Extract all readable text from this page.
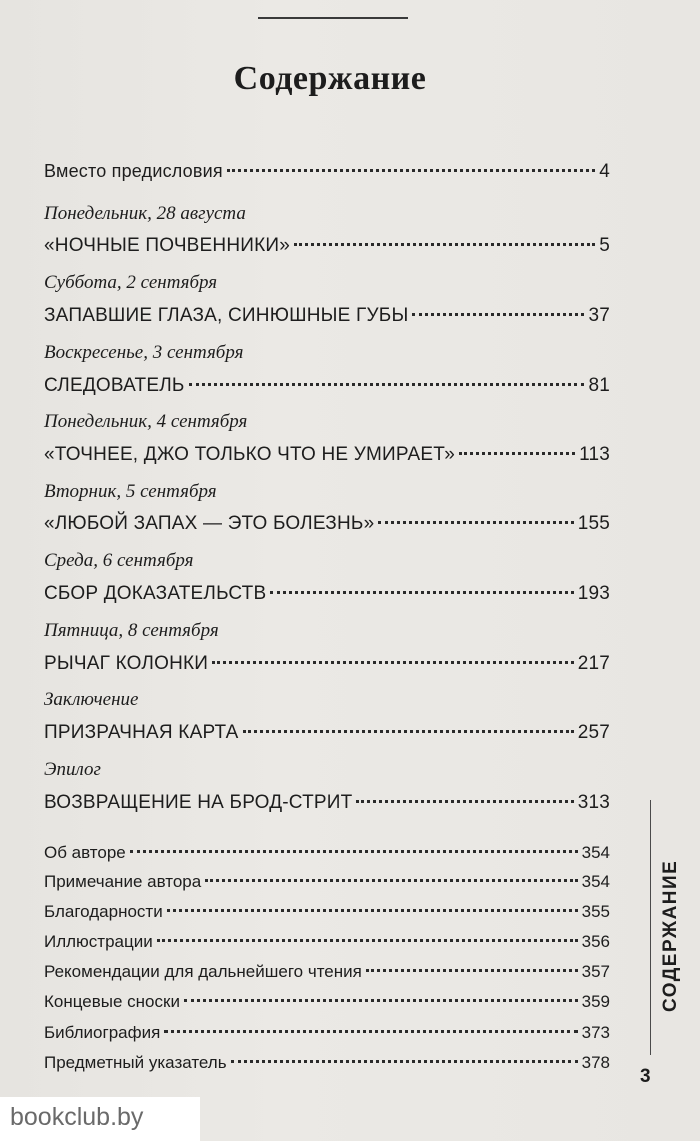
Содержание
Вместо предисловия	4
Понедельник, 28 августа
«НОЧНЫЕ ПОЧВЕННИКИ»	5
Суббота, 2 сентября
ЗАПАВШИЕ ГЛАЗА, СИНЮШНЫЕ ГУБЫ	37
Воскресенье, 3 сентября
СЛЕДОВАТЕЛЬ	81
Понедельник, 4 сентября
«ТОЧНЕЕ, ДЖО ТОЛЬКО ЧТО НЕ УМИРАЕТ»	113
Вторник, 5 сентября
«ЛЮБОЙ ЗАПАХ — ЭТО БОЛЕЗНЬ»	155
Среда, 6 сентября
СБОР ДОКАЗАТЕЛЬСТВ	193
Пятница, 8 сентября
РЫЧАГ КОЛОНКИ	217
Заключение
ПРИЗРАЧНАЯ КАРТА	257
Эпилог
ВОЗВРАЩЕНИЕ НА БРОД-СТРИТ	313
Об авторе	354
Примечание автора	354
Благодарности	355
Иллюстрации	356
Рекомендации для дальнейшего чтения	357
Концевые сноски	359
Библиография	373
Предметный указатель	378
СОДЕРЖАНИЕ
3
bookclub.by
